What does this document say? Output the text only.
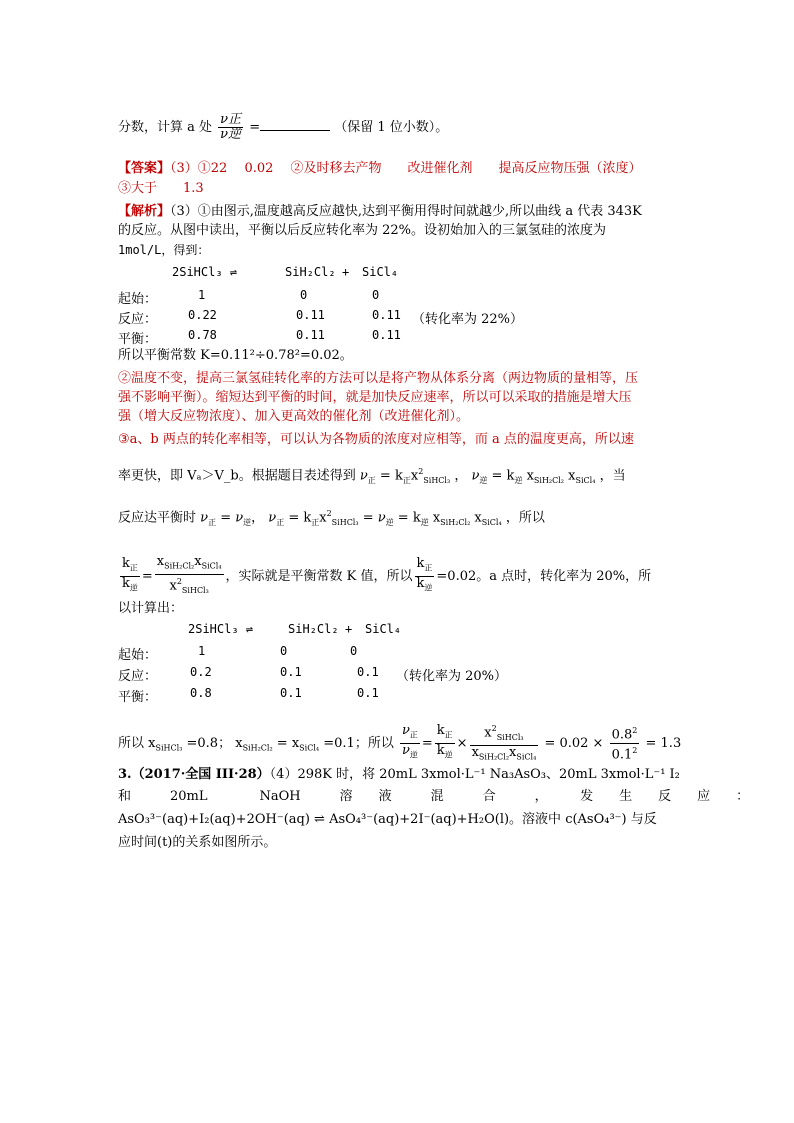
分数，计算 a 处 $\frac{\text{ν正}}{\text{ν逆}}$ =	（保留 1 位小数）。
【答案】（3）①22　 0.02　 ②及时移去产物　　改进催化剂　　提高反应物压强（浓度）
③大于　　1.3
【解析】（3）①由图示,温度越高反应越快,达到平衡用得时间就越少,所以曲线 a 代表 343K
的反应。从图中读出，平衡以后反应转化率为 22%。设初始加入的三氯氢硅的浓度为
1mol/L，得到：
2SiHCl₃ ⇌	SiH₂Cl₂ + SiCl₄
起始：	1	0	0
反应：	0.22	0.11	0.11 （转化率为 22%）
平衡：	0.78	0.11	0.11
所以平衡常数 K=0.11²÷0.78²=0.02。
②温度不变，提高三氯氢硅转化率的方法可以是将产物从体系分离（两边物质的量相等，压
强不影响平衡）。缩短达到平衡的时间，就是加快反应速率，所以可以采取的措施是增大压
强（增大反应物浓度）、加入更高效的催化剂（改进催化剂）。
③a、b 两点的转化率相等，可以认为各物质的浓度对应相等，而 a 点的温度更高，所以速
率更快，即 Vₐ＞V_b。根据题目表述得到 $\nu_正 = k_正x^2_{SiHCl_3}$ ， $\nu_逆 = k_逆$ $x_{SiH_2Cl_2}$ $x_{SiCl_4}$ ，当
反应达平衡时 $\nu_正 = \nu_逆$， $\nu_正 = k_正x^2_{SiHCl_3} = \nu_逆 = k_逆$ $x_{SiH_2Cl_2}$ $x_{SiCl_4}$ ，所以
$\frac{k_正}{k_逆} = \frac{x_{SiH_2Cl_2}x_{SiCl_4}}{x^2_{SiHCl_3}}$ ，实际就是平衡常数 K 值，所以 $\frac{k_正}{k_逆} =0.02$。a 点时，转化率为 20%，所
以计算出：
2SiHCl₃ ⇌	SiH₂Cl₂ + SiCl₄
起始：	1	0	0
反应：	0.2	0.1	0.1 （转化率为 20%）
平衡：	0.8	0.1	0.1
所以 $x_{SiHCl_3} =0.8$； $x_{SiH_2Cl_2} = x_{SiCl_4} =0.1$；所以 $\frac{\nu_正}{\nu_逆} = \frac{k_正}{k_逆} \times \frac{x^2_{SiHCl_3}}{x_{SiH_2Cl_2}x_{SiCl_4}} = 0.02 \times \frac{0.8^2}{0.1^2} = 1.3$
3.（2017·全国 III·28）（4）298K 时，将 20mL 3xmol·L⁻¹ Na₃AsO₃、20mL 3xmol·L⁻¹ I₂
和　　　20mL　　　　NaOH　　　溶　　液　　　混　　　合　　　，　　　发　　生　　反　　应　　：
AsO₃³⁻(aq)+I₂(aq)+2OH⁻(aq) ⇌ AsO₄³⁻(aq)+2I⁻(aq)+H₂O(l)。溶液中 c(AsO₄³⁻) 与反
应时间(t)的关系如图所示。
